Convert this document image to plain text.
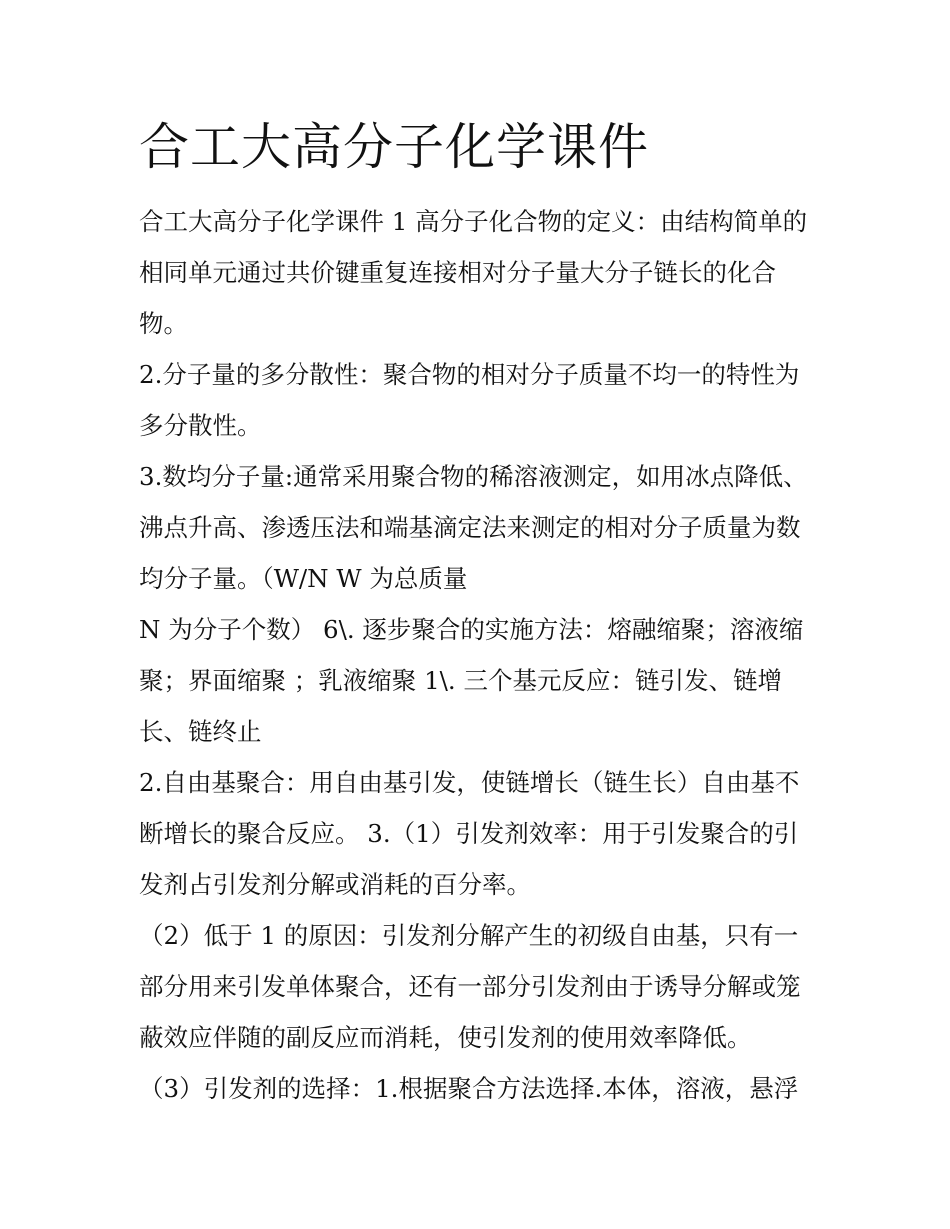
合工大高分子化学课件

合工大高分子化学课件 1 高分子化合物的定义：由结构简单的

相同单元通过共价键重复连接相对分子量大分子链长的化合

物。

2.分子量的多分散性：聚合物的相对分子质量不均一的特性为

多分散性。

3.数均分子量:通常采用聚合物的稀溶液测定，如用冰点降低、

沸点升高、渗透压法和端基滴定法来测定的相对分子质量为数

均分子量。（W/N W 为总质量

N 为分子个数） 6\. 逐步聚合的实施方法：熔融缩聚；溶液缩

聚；界面缩聚 ；乳液缩聚 1\. 三个基元反应：链引发、链增

长、链终止

2.自由基聚合：用自由基引发，使链增长（链生长）自由基不

断增长的聚合反应。 3.（1）引发剂效率：用于引发聚合的引

发剂占引发剂分解或消耗的百分率。

（2）低于 1 的原因：引发剂分解产生的初级自由基，只有一

部分用来引发单体聚合，还有一部分引发剂由于诱导分解或笼

蔽效应伴随的副反应而消耗，使引发剂的使用效率降低。

（3）引发剂的选择：1.根据聚合方法选择.本体，溶液，悬浮
